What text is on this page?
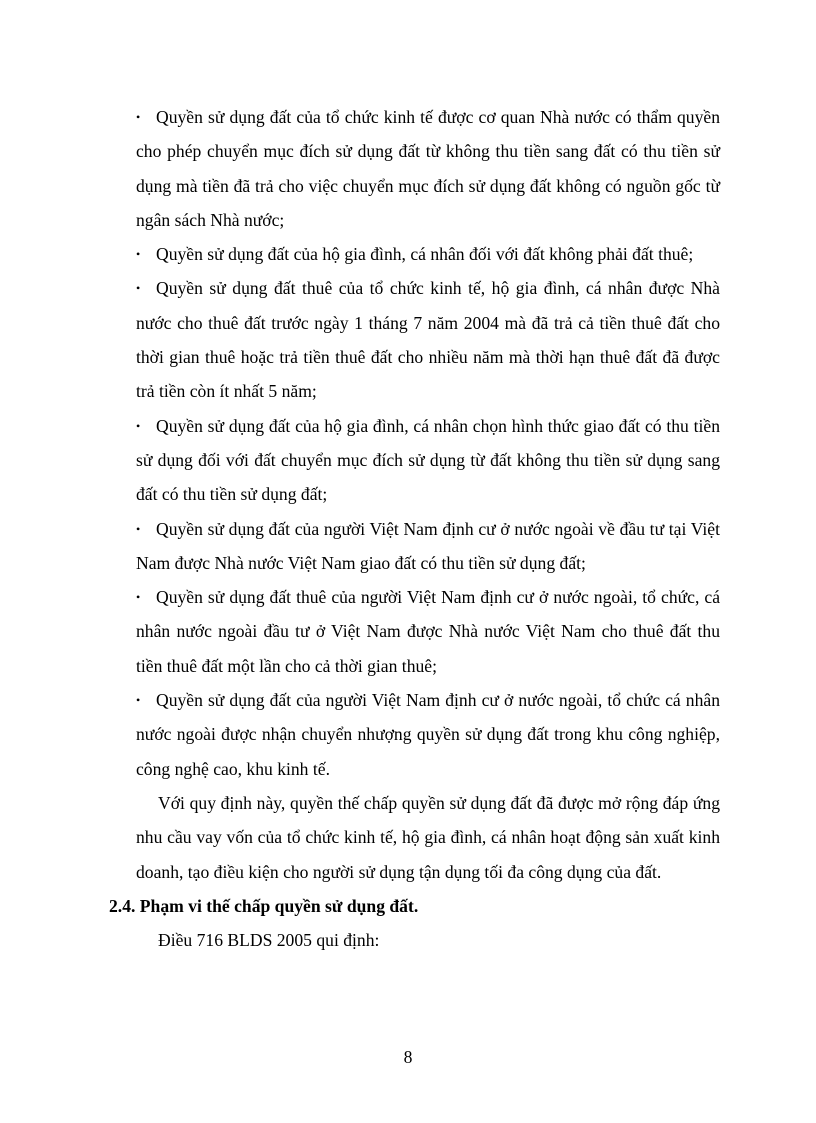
• Quyền sử dụng đất của tổ chức kinh tế được cơ quan Nhà nước có thẩm quyền cho phép chuyển mục đích sử dụng đất từ không thu tiền sang đất có thu tiền sử dụng mà tiền đã trả cho việc chuyển mục đích sử dụng đất không có nguồn gốc từ ngân sách Nhà nước;

• Quyền sử dụng đất của hộ gia đình, cá nhân đối với đất không phải đất thuê;

• Quyền sử dụng đất thuê của tổ chức kinh tế, hộ gia đình, cá nhân được Nhà nước cho thuê đất trước ngày 1 tháng 7 năm 2004 mà đã trả cả tiền thuê đất cho thời gian thuê hoặc trả tiền thuê đất cho nhiều năm mà thời hạn thuê đất đã được trả tiền còn ít nhất 5 năm;

• Quyền sử dụng đất của hộ gia đình, cá nhân chọn hình thức giao đất có thu tiền sử dụng đối với đất chuyển mục đích sử dụng từ đất không thu tiền sử dụng sang đất có thu tiền sử dụng đất;

• Quyền sử dụng đất của người Việt Nam định cư ở nước ngoài về đầu tư tại Việt Nam được Nhà nước Việt Nam giao đất có thu tiền sử dụng đất;

• Quyền sử dụng đất thuê của người Việt Nam định cư ở nước ngoài, tổ chức, cá nhân nước ngoài đầu tư ở Việt Nam được Nhà nước Việt Nam cho thuê đất thu tiền thuê đất một lần cho cả thời gian thuê;

• Quyền sử dụng đất của người Việt Nam định cư ở nước ngoài, tổ chức cá nhân nước ngoài được nhận chuyển nhượng quyền sử dụng đất trong khu công nghiệp, công nghệ cao, khu kinh tế.

Với quy định này, quyền thế chấp quyền sử dụng đất đã được mở rộng đáp ứng nhu cầu vay vốn của tổ chức kinh tế, hộ gia đình, cá nhân hoạt động sản xuất kinh doanh, tạo điều kiện cho người sử dụng tận dụng tối đa công dụng của đất.

2.4. Phạm vi thế chấp quyền sử dụng đất.

Điều 716 BLDS 2005 qui định:

8
